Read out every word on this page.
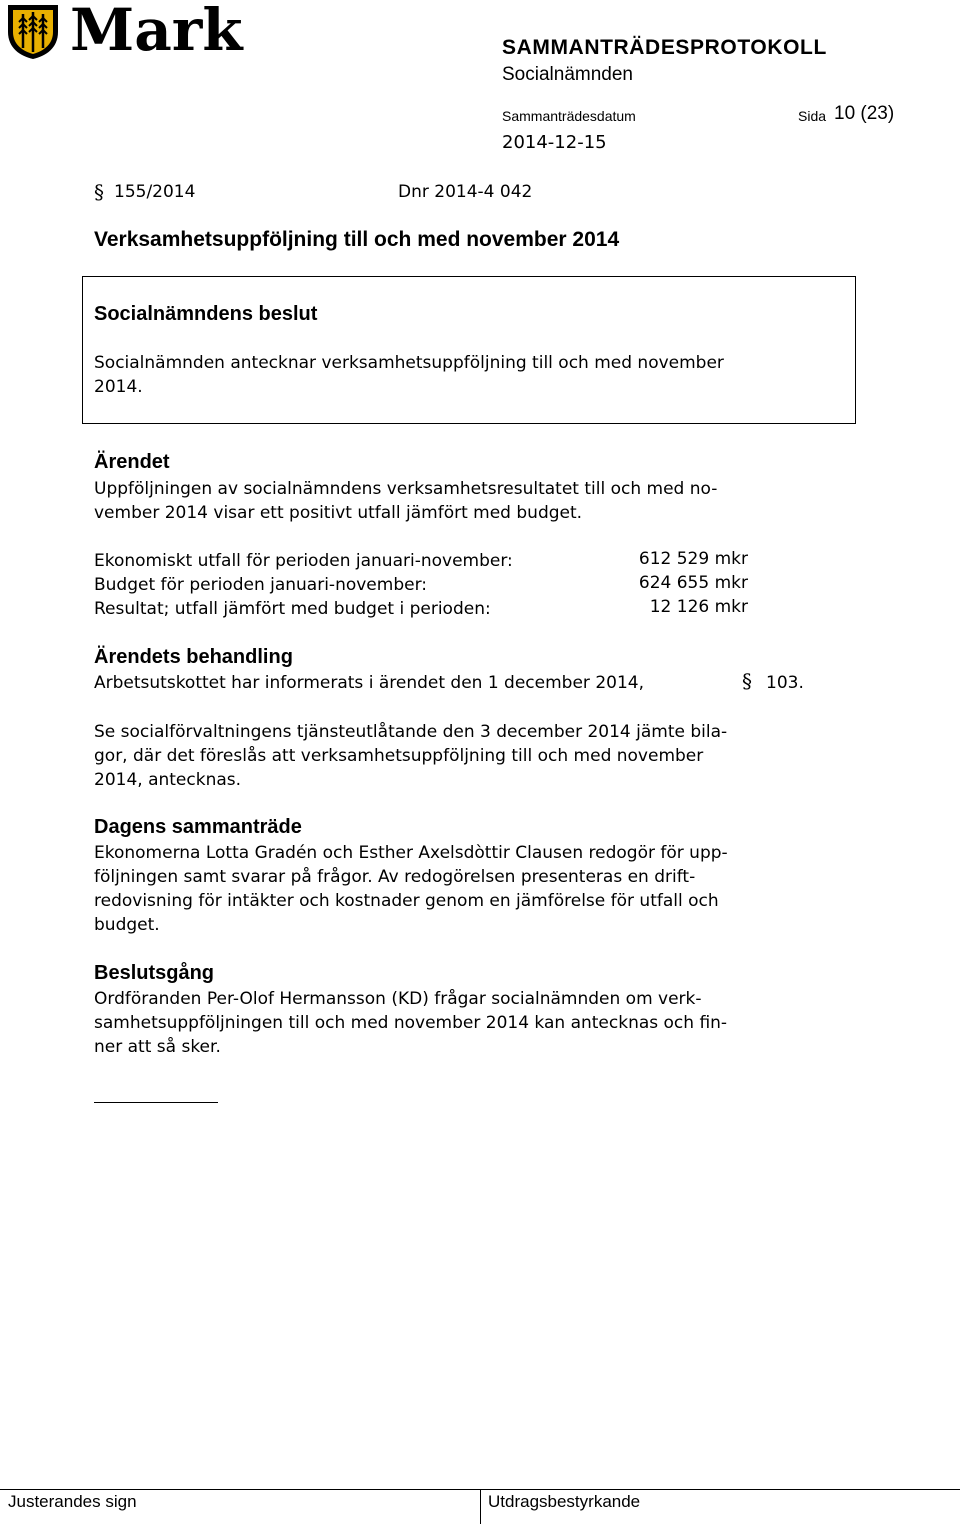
Mark	SAMMANTRÄDESPROTOKOLL
Socialnämnden
Sammanträdesdatum	Sida 10 (23)
2014-12-15
§ 155/2014	Dnr 2014-4 042
Verksamhetsuppföljning till och med november 2014
Socialnämndens beslut
Socialnämnden antecknar verksamhetsuppföljning till och med november
2014.
Ärendet
Uppföljningen av socialnämndens verksamhetsresultatet till och med no-
vember 2014 visar ett positivt utfall jämfört med budget.
Ekonomiskt utfall för perioden januari-november:	612 529 mkr
Budget för perioden januari-november:	624 655 mkr
Resultat; utfall jämfört med budget i perioden:	12 126 mkr
Ärendets behandling
Arbetsutskottet har informerats i ärendet den 1 december 2014,	§ 103.
Se socialförvaltningens tjänsteutlåtande den 3 december 2014 jämte bila-
gor, där det föreslås att verksamhetsuppföljning till och med november
2014, antecknas.
Dagens sammanträde
Ekonomerna Lotta Gradén och Esther Axelsdòttir Clausen redogör för upp-
följningen samt svarar på frågor. Av redogörelsen presenteras en drift-
redovisning för intäkter och kostnader genom en jämförelse för utfall och
budget.
Beslutsgång
Ordföranden Per-Olof Hermansson (KD) frågar socialnämnden om verk-
samhetsuppföljningen till och med november 2014 kan antecknas och fin-
ner att så sker.
Justerandes sign	Utdragsbestyrkande
